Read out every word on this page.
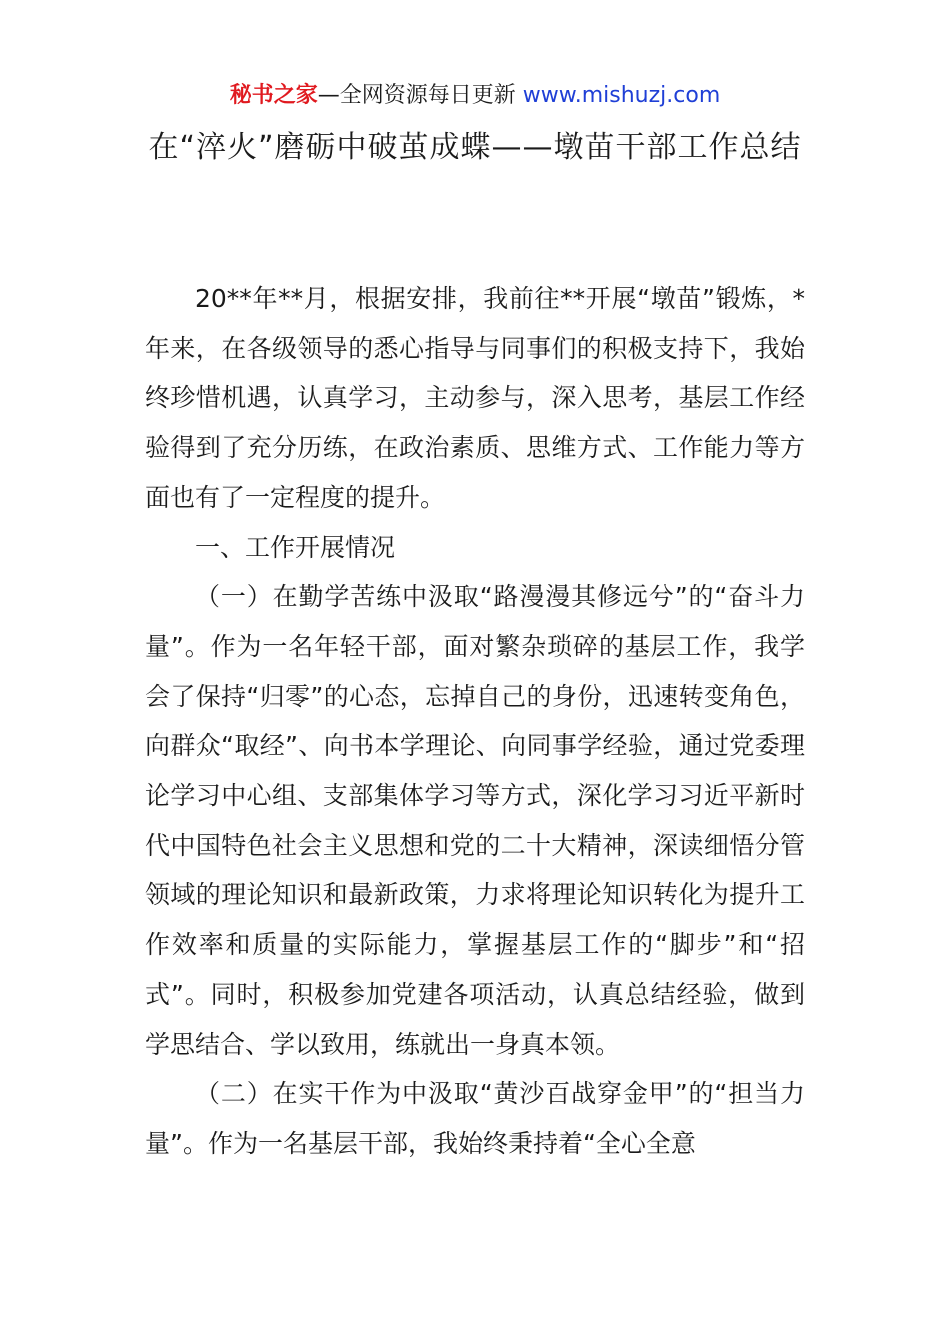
秘书之家—全网资源每日更新 www.mishuzj.com
在“淬火”磨砺中破茧成蝶——墩苗干部工作总结

20**年**月，根据安排，我前往**开展“墩苗”锻炼，*年来，在各级领导的悉心指导与同事们的积极支持下，我始终珍惜机遇，认真学习，主动参与，深入思考，基层工作经验得到了充分历练，在政治素质、思维方式、工作能力等方面也有了一定程度的提升。

一、工作开展情况

（一）在勤学苦练中汲取“路漫漫其修远兮”的“奋斗力量”。作为一名年轻干部，面对繁杂琐碎的基层工作，我学会了保持“归零”的心态，忘掉自己的身份，迅速转变角色，向群众“取经”、向书本学理论、向同事学经验，通过党委理论学习中心组、支部集体学习等方式，深化学习习近平新时代中国特色社会主义思想和党的二十大精神，深读细悟分管领域的理论知识和最新政策，力求将理论知识转化为提升工作效率和质量的实际能力，掌握基层工作的“脚步”和“招式”。同时，积极参加党建各项活动，认真总结经验，做到学思结合、学以致用，练就出一身真本领。

（二）在实干作为中汲取“黄沙百战穿金甲”的“担当力量”。作为一名基层干部，我始终秉持着“全心全意
